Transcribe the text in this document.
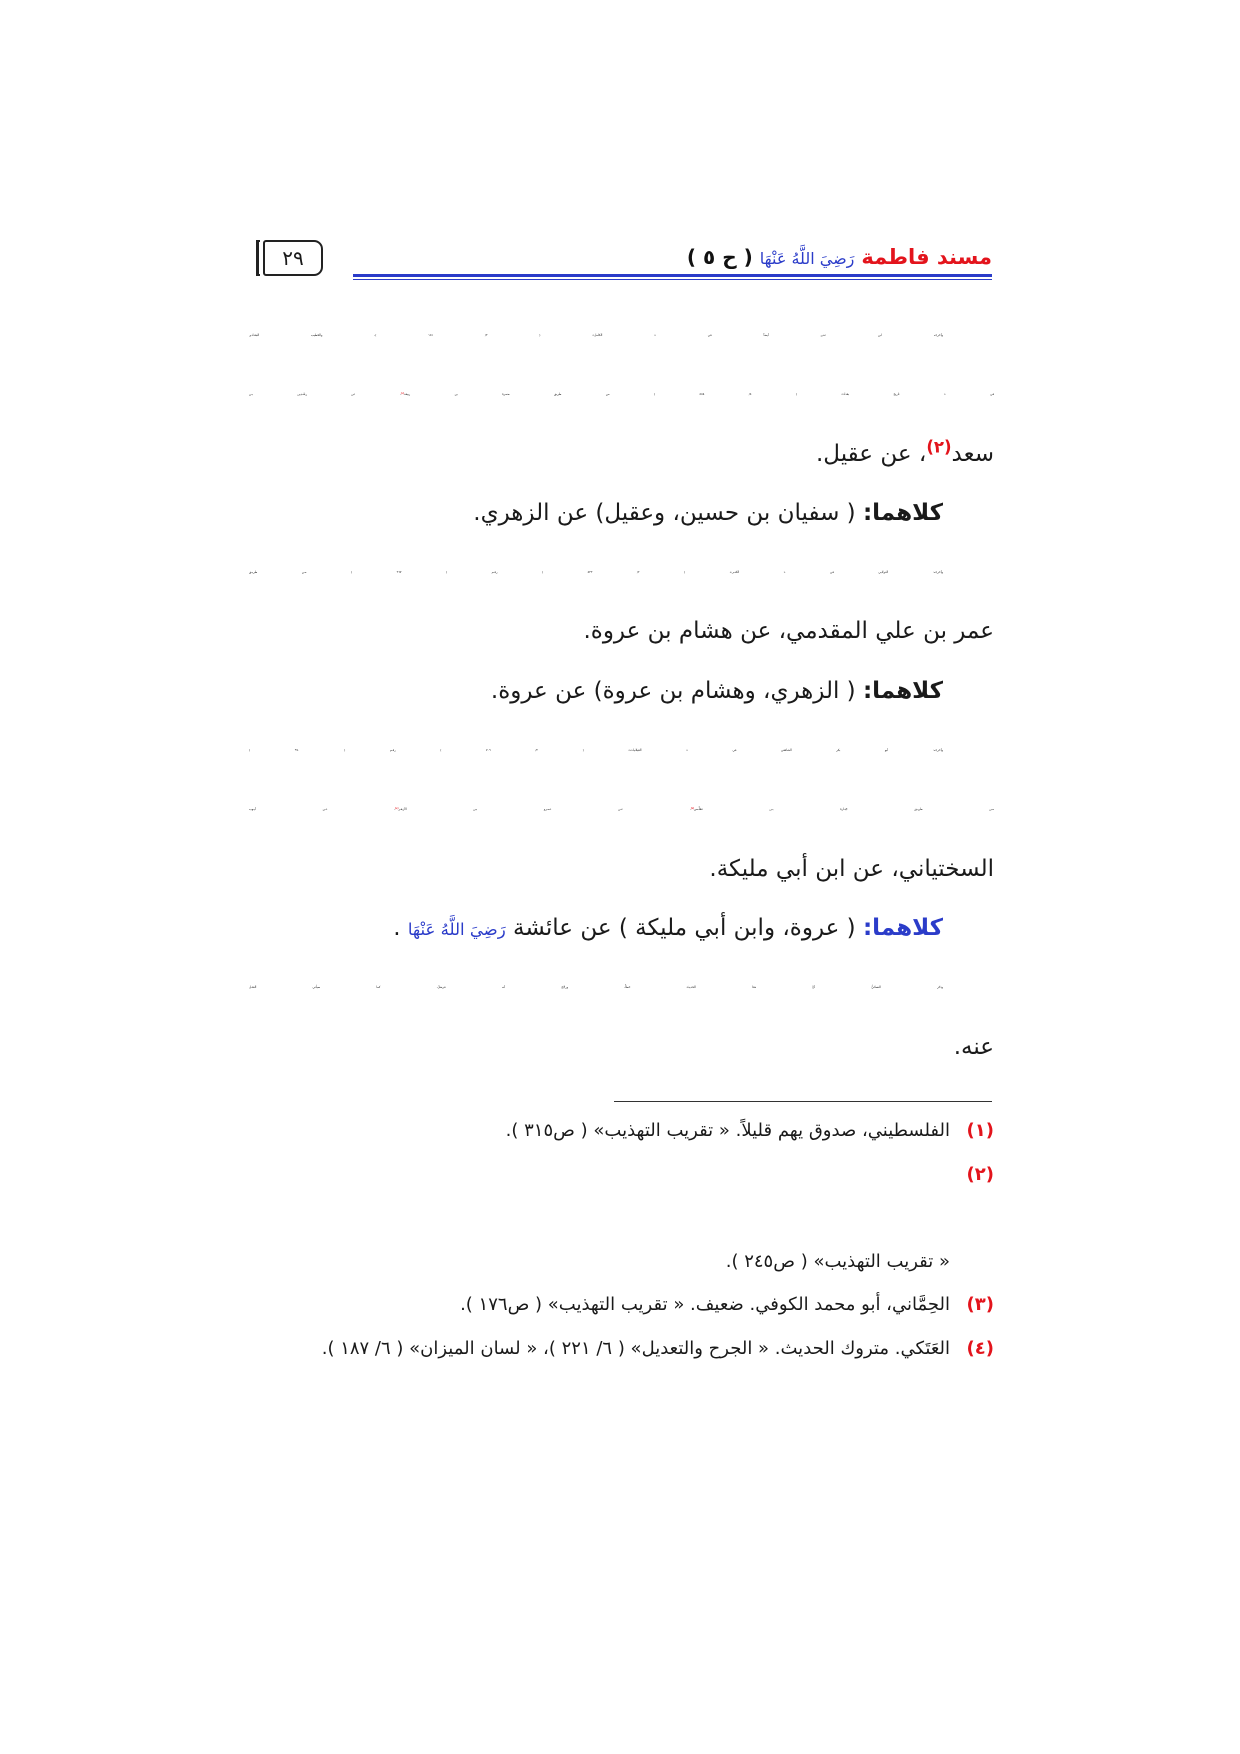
مسند فاطمةرَضِيَ اللَّهُ عَنْهَا( ح ٥ )
٢٩
وأخرجه ابن عدي أيضاً في « الكامل» ( ٣/ ١٥١ )، والخطيب البغدادي
في « تاريخ بغداد» ( ٥/ ٥٥٨ ) من طريق ضمرة بن ربيعة$^{(١)}$، عن رِشْـدِين بـن
سعد$^{(٢)}$، عن عقيل.
كلاهما: ( سفيان بن حسين، وعقيل) عن الزهري.
وأخرجه: الدولابي في « الكنـى» ( ٢/ ٥٣٣ ) رقـم ( ٩٦٧ ) مـن طريـق
عمر بن علي المقدمي، عن هشام بن عروة.
كلاهما: ( الزهري، وهشام بن عروة) عن عروة.
وأخرجه: أبو بكر الشافعي في « الغيلانيات» ( ٢/ ٧٠٩ ) رقـم ( ٩٧٠ )
مـن طريـق جُبَـارة بـن مُغَلِّـس$^{(٣)}$، عـن عمـرو بـن الأزهـر$^{(٤)}$، عـن أيـوب
السختياني، عن ابن أبي مليكة.
كلاهما: ( عروة، وابن أبي مليكة ) عن عائشة رَضِيَ اللَّهُ عَنْهَا .
وذكر النسائيُّ أنَّ هذا الحديثَ خطأٌ، ورجَّحَ أنه مُرسَلٌ، كما سيأتي النقـل
عنه.
(١)
الفلسطيني، صدوق يهم قليلاً. « تقريب التهذيب» ( ص٣١٥ ).
(٢)
« تقريب التهذيب» ( ص٢٤٥ ).
(٣)
الحِمَّاني، أبو محمد الكوفي. ضعيف. « تقريب التهذيب» ( ص١٧٦ ).
(٤)
العَتَكي. متروك الحديث. « الجرح والتعديل» ( ٦/ ٢٢١ )، « لسان الميزان» ( ٦/ ١٨٧ ).
